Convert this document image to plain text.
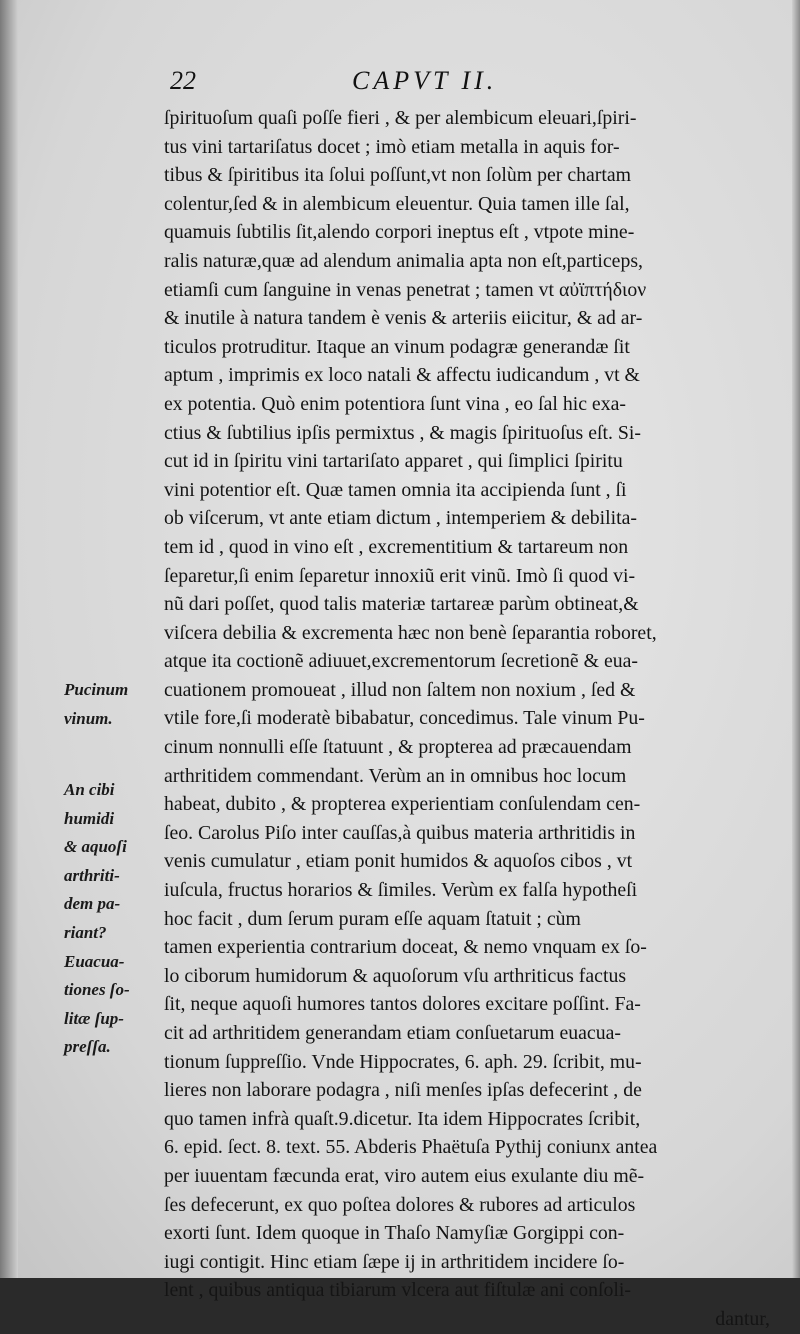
22	CAPVT II.
Pucinum
vinum.
An cibi
humidi
& aquoſi
arthriti-
dem pa-
riant?
Euacua-
tiones ſo-
litæ ſup-
preſſa.
ſpirituoſum quaſi poſſe fieri , & per alembicum eleuari,ſpiri-
tus vini tartariſatus docet ; imò etiam metalla in aquis for-
tibus & ſpiritibus ita ſolui poſſunt,vt non ſolùm per chartam
colentur,ſed & in alembicum eleuentur. Quia tamen ille ſal,
quamuis ſubtilis ſit,alendo corpori ineptus eſt , vtpote mine-
ralis naturæ,quæ ad alendum animalia apta non eſt,particeps,
etiamſi cum ſanguine in venas penetrat ; tamen vt αὐϊπτήδιον
& inutile à natura tandem è venis & arteriis eiicitur, & ad ar-
ticulos protruditur. Itaque an vinum podagræ generandæ ſit
aptum , imprimis ex loco natali & affectu iudicandum , vt &
ex potentia. Quò enim potentiora ſunt vina , eo ſal hic exa-
ctius & ſubtilius ipſis permixtus , & magis ſpirituoſus eſt. Si-
cut id in ſpiritu vini tartariſato apparet , qui ſimplici ſpiritu
vini potentior eſt. Quæ tamen omnia ita accipienda ſunt , ſi
ob viſcerum, vt ante etiam dictum , intemperiem & debilita-
tem id , quod in vino eſt , excrementitium & tartareum non
ſeparetur,ſi enim ſeparetur innoxiũ erit vinũ. Imò ſi quod vi-
nũ dari poſſet, quod talis materiæ tartareæ parùm obtineat,&
viſcera debilia & excrementa hæc non benè ſeparantia roboret,
atque ita coctionẽ adiuuet,excrementorum ſecretionẽ & eua-
cuationem promoueat , illud non ſaltem non noxium , ſed &
vtile fore,ſi moderatè bibabatur, concedimus. Tale vinum Pu-
cinum nonnulli eſſe ſtatuunt , & propterea ad præcauendam
arthritidem commendant. Verùm an in omnibus hoc locum
habeat, dubito , & propterea experientiam conſulendam cen-
ſeo. Carolus Piſo inter cauſſas,à quibus materia arthritidis in
venis cumulatur , etiam ponit humidos & aquoſos cibos , vt
iuſcula, fructus horarios & ſimiles. Verùm ex falſa hypotheſi
hoc facit , dum ſerum puram eſſe aquam ſtatuit ; cùm
tamen experientia contrarium doceat, & nemo vnquam ex ſo-
lo ciborum humidorum & aquoſorum vſu arthriticus factus
ſit, neque aquoſi humores tantos dolores excitare poſſint. Fa-
cit ad arthritidem generandam etiam conſuetarum euacua-
tionum ſuppreſſio. Vnde Hippocrates, 6. aph. 29. ſcribit, mu-
lieres non laborare podagra , niſi menſes ipſas defecerint , de
quo tamen infrà quaſt.9.dicetur. Ita idem Hippocrates ſcribit,
6. epid. ſect. 8. text. 55. Abderis Phaëtuſa Pythij coniunx antea
per iuuentam fæcunda erat, viro autem eius exulante diu mẽ-
ſes defecerunt, ex quo poſtea dolores & rubores ad articulos
exorti ſunt. Idem quoque in Thaſo Namyſiæ Gorgippi con-
iugi contigit. Hinc etiam ſæpe ij in arthritidem incidere ſo-
lent , quibus antiqua tibiarum vlcera aut fiſtulæ ani conſoli-
dantur,
